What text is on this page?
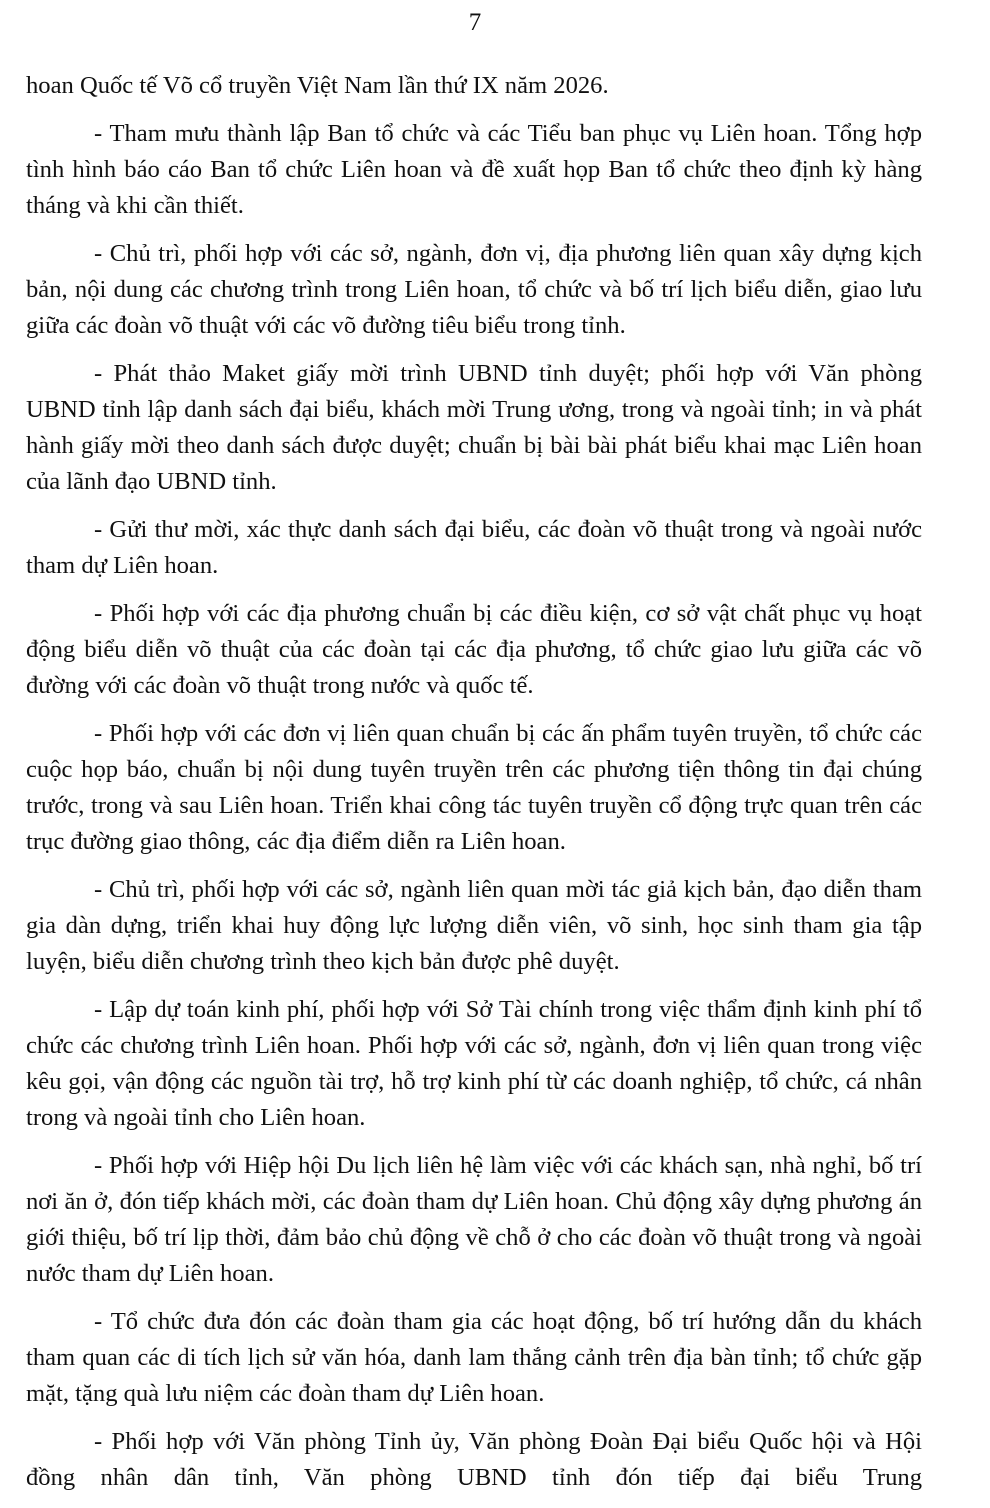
7

hoan Quốc tế Võ cổ truyền Việt Nam lần thứ IX năm 2026.

- Tham mưu thành lập Ban tổ chức và các Tiểu ban phục vụ Liên hoan. Tổng hợp tình hình báo cáo Ban tổ chức Liên hoan và đề xuất họp Ban tổ chức theo định kỳ hàng tháng và khi cần thiết.

- Chủ trì, phối hợp với các sở, ngành, đơn vị, địa phương liên quan xây dựng kịch bản, nội dung các chương trình trong Liên hoan, tổ chức và bố trí lịch biểu diễn, giao lưu giữa các đoàn võ thuật với các võ đường tiêu biểu trong tỉnh.

- Phát thảo Maket giấy mời trình UBND tỉnh duyệt; phối hợp với Văn phòng UBND tỉnh lập danh sách đại biểu, khách mời Trung ương, trong và ngoài tỉnh; in và phát hành giấy mời theo danh sách được duyệt; chuẩn bị bài bài phát biểu khai mạc Liên hoan của lãnh đạo UBND tỉnh.

- Gửi thư mời, xác thực danh sách đại biểu, các đoàn võ thuật trong và ngoài nước tham dự Liên hoan.

- Phối hợp với các địa phương chuẩn bị các điều kiện, cơ sở vật chất phục vụ hoạt động biểu diễn võ thuật của các đoàn tại các địa phương, tổ chức giao lưu giữa các võ đường với các đoàn võ thuật trong nước và quốc tế.

- Phối hợp với các đơn vị liên quan chuẩn bị các ấn phẩm tuyên truyền, tổ chức các cuộc họp báo, chuẩn bị nội dung tuyên truyền trên các phương tiện thông tin đại chúng trước, trong và sau Liên hoan. Triển khai công tác tuyên truyền cổ động trực quan trên các trục đường giao thông, các địa điểm diễn ra Liên hoan.

- Chủ trì, phối hợp với các sở, ngành liên quan mời tác giả kịch bản, đạo diễn tham gia dàn dựng, triển khai huy động lực lượng diễn viên, võ sinh, học sinh tham gia tập luyện, biểu diễn chương trình theo kịch bản được phê duyệt.

- Lập dự toán kinh phí, phối hợp với Sở Tài chính trong việc thẩm định kinh phí tổ chức các chương trình Liên hoan. Phối hợp với các sở, ngành, đơn vị liên quan trong việc kêu gọi, vận động các nguồn tài trợ, hỗ trợ kinh phí từ các doanh nghiệp, tổ chức, cá nhân trong và ngoài tỉnh cho Liên hoan.

- Phối hợp với Hiệp hội Du lịch liên hệ làm việc với các khách sạn, nhà nghỉ, bố trí nơi ăn ở, đón tiếp khách mời, các đoàn tham dự Liên hoan. Chủ động xây dựng phương án giới thiệu, bố trí lịp thời, đảm bảo chủ động về chỗ ở cho các đoàn võ thuật trong và ngoài nước tham dự Liên hoan.

- Tổ chức đưa đón các đoàn tham gia các hoạt động, bố trí hướng dẫn du khách tham quan các di tích lịch sử văn hóa, danh lam thắng cảnh trên địa bàn tỉnh; tổ chức gặp mặt, tặng quà lưu niệm các đoàn tham dự Liên hoan.

- Phối hợp với Văn phòng Tỉnh ủy, Văn phòng Đoàn Đại biểu Quốc hội và Hội đồng nhân dân tỉnh, Văn phòng UBND tỉnh đón tiếp đại biểu Trung
